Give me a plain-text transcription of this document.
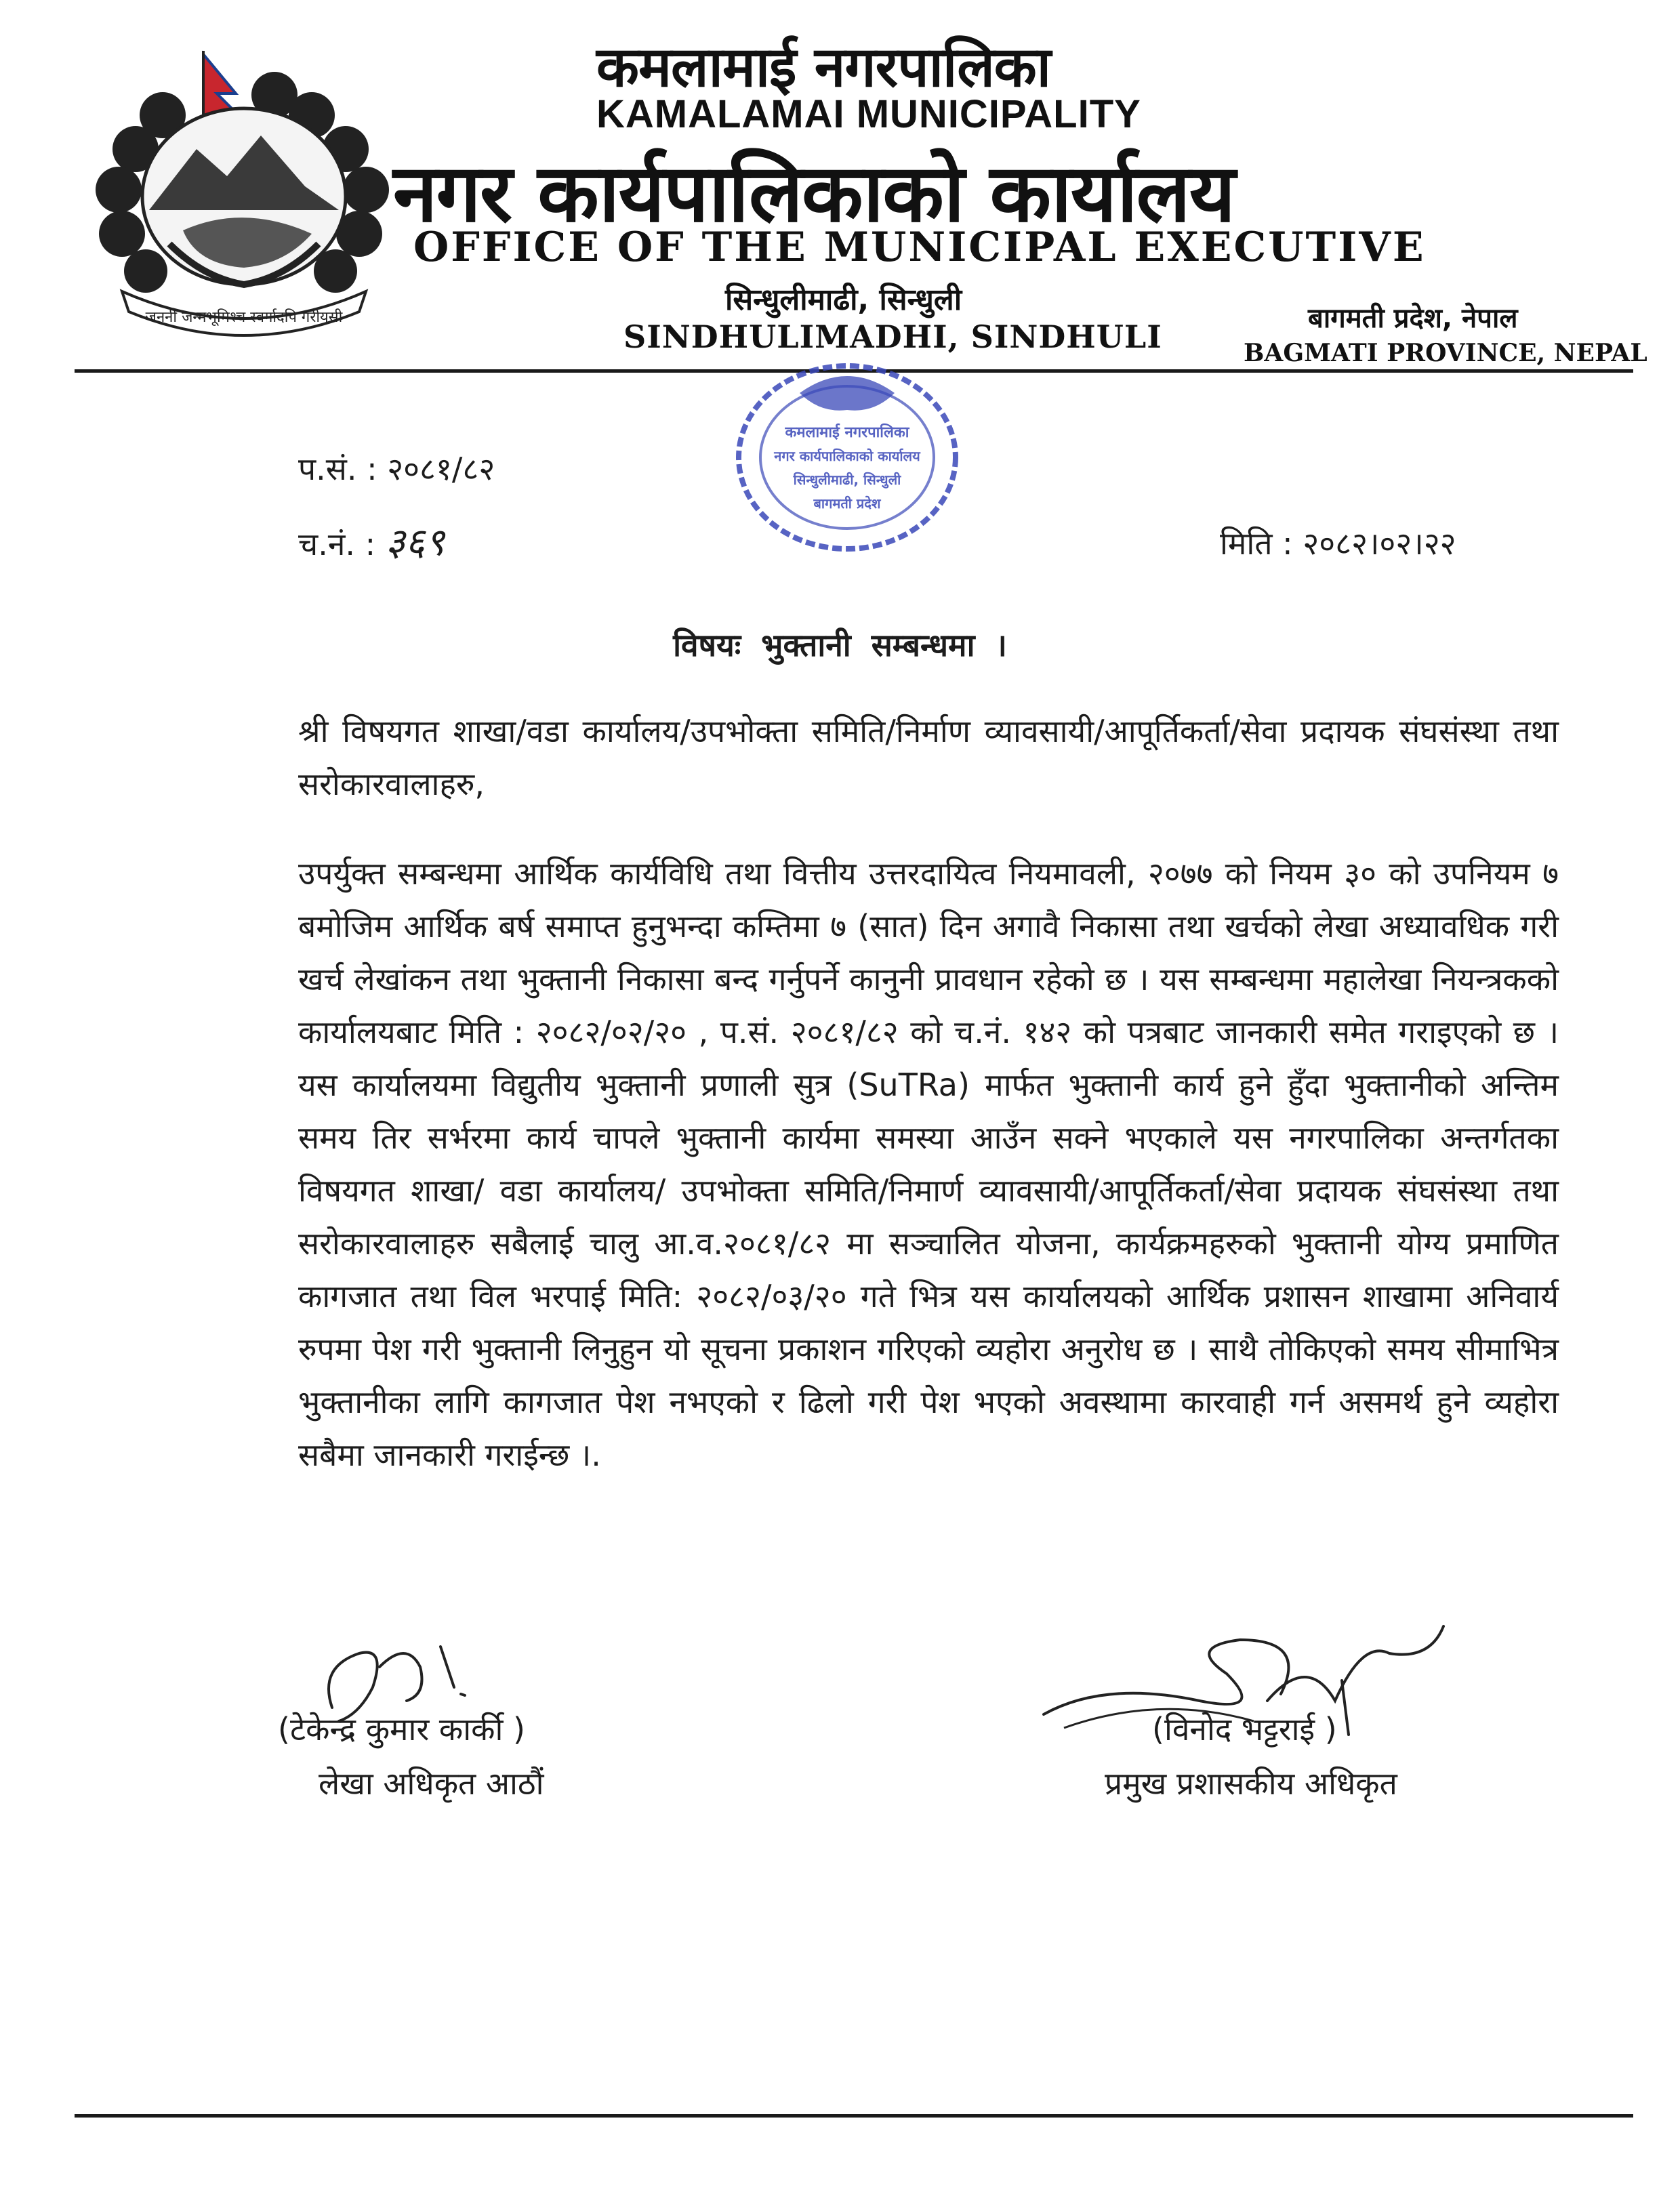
जननी जन्मभूमिश्च स्वर्गादपि गरीयसी
कमलामाई नगरपालिका
KAMALAMAI MUNICIPALITY
नगर कार्यपालिकाको कार्यालय
OFFICE OF THE MUNICIPAL EXECUTIVE
सिन्धुलीमाढी, सिन्धुली
SINDHULIMADHI, SINDHULI	बागमती प्रदेश, नेपाल
BAGMATI PROVINCE, NEPAL
कमलामाई नगरपालिका
नगर कार्यपालिकाको कार्यालय
सिन्धुलीमाढी, सिन्धुली
बागमती प्रदेश
प.सं. : २०८१/८२
च.नं. : ३६९	मिति : २०८२।०२।२२
विषयः भुक्तानी सम्बन्धमा ।
श्री विषयगत शाखा/वडा कार्यालय/उपभोक्ता समिति/निर्माण व्यावसायी/आपूर्तिकर्ता/सेवा प्रदायक संघसंस्था तथा सरोकारवालाहरु,
उपर्युक्त सम्बन्धमा आर्थिक कार्यविधि तथा वित्तीय उत्तरदायित्व नियमावली, २०७७ को नियम ३० को उपनियम ७ बमोजिम आर्थिक बर्ष समाप्त हुनुभन्दा कम्तिमा ७ (सात) दिन अगावै निकासा तथा खर्चको लेखा अध्यावधिक गरी खर्च लेखांकन तथा भुक्तानी निकासा बन्द गर्नुपर्ने कानुनी प्रावधान रहेको छ । यस सम्बन्धमा महालेखा नियन्त्रकको कार्यालयबाट मिति : २०८२/०२/२० , प.सं. २०८१/८२ को च.नं. १४२ को पत्रबाट जानकारी समेत गराइएको छ । यस कार्यालयमा विद्युतीय भुक्तानी प्रणाली सुत्र (SuTRa) मार्फत भुक्तानी कार्य हुने हुँदा भुक्तानीको अन्तिम समय तिर सर्भरमा कार्य चापले भुक्तानी कार्यमा समस्या आउँन सक्ने भएकाले यस नगरपालिका अन्तर्गतका विषयगत शाखा/ वडा कार्यालय/ उपभोक्ता समिति/निमार्ण व्यावसायी/आपूर्तिकर्ता/सेवा प्रदायक संघसंस्था तथा सरोकारवालाहरु सबैलाई चालु आ.व.२०८१/८२ मा सञ्चालित योजना, कार्यक्रमहरुको भुक्तानी योग्य प्रमाणित कागजात तथा विल भरपाई मिति: २०८२/०३/२० गते भित्र यस कार्यालयको आर्थिक प्रशासन शाखामा अनिवार्य रुपमा पेश गरी भुक्तानी लिनुहुन यो सूचना प्रकाशन गरिएको व्यहोरा अनुरोध छ । साथै तोकिएको समय सीमाभित्र भुक्तानीका लागि कागजात पेश नभएको र ढिलो गरी पेश भएको अवस्थामा कारवाही गर्न असमर्थ हुने व्यहोरा सबैमा जानकारी गराईन्छ ।.
(टेकेन्द्र कुमार कार्की )
लेखा अधिकृत आठौं
(विनोद भट्टराई )
प्रमुख प्रशासकीय अधिकृत
